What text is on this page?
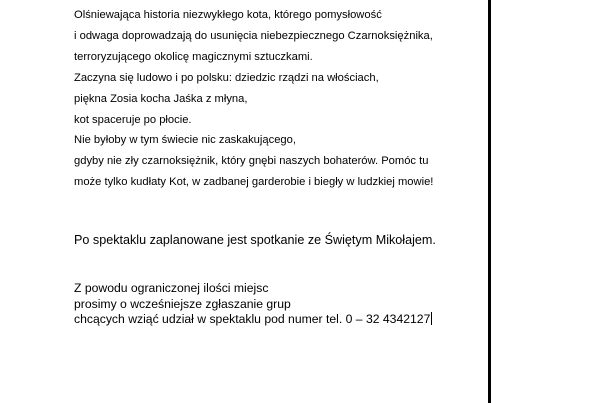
Olśniewająca historia niezwykłego kota, którego pomysłowość
i odwaga doprowadzają do usunięcia niebezpiecznego Czarnoksiężnika,
terroryzującego okolicę magicznymi sztuczkami.
Zaczyna się ludowo i po polsku: dziedzic rządzi na włościach,
piękna Zosia kocha Jaśka z młyna,
kot spaceruje po płocie.
Nie byłoby w tym świecie nic zaskakującego,
gdyby nie zły czarnoksiężnik, który gnębi naszych bohaterów. Pomóc tu
może tylko kudłaty Kot, w zadbanej garderobie i biegły w ludzkiej mowie!
Po spektaklu zaplanowane jest spotkanie ze Świętym Mikołajem.
Z powodu ograniczonej ilości miejsc
prosimy o wcześniejsze zgłaszanie grup
chcących wziąć udział w spektaklu pod numer tel. 0 – 32 4342127
